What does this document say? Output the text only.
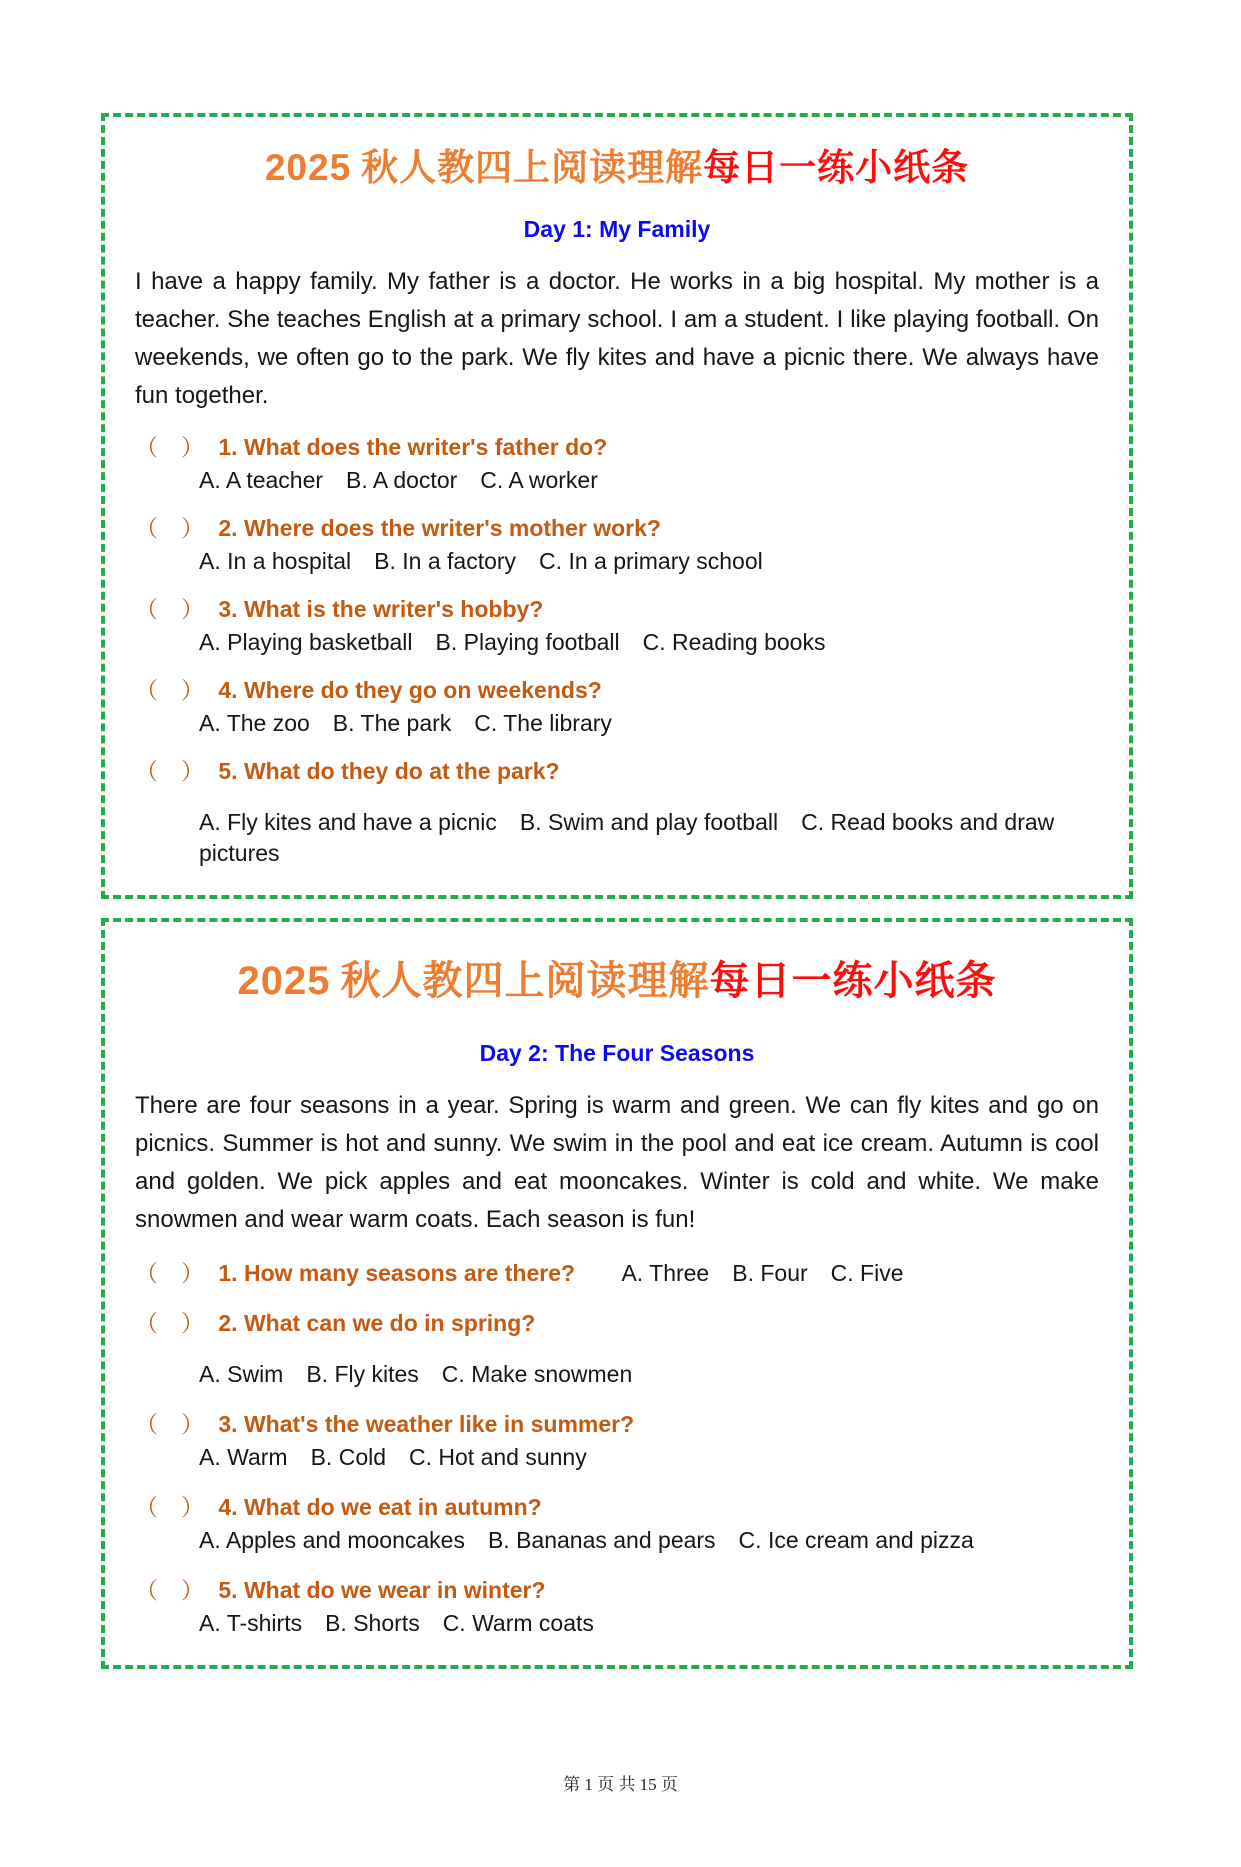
2025 秋人教四上阅读理解每日一练小纸条
Day 1: My Family

I have a happy family. My father is a doctor. He works in a big hospital. My mother is a teacher. She teaches English at a primary school. I am a student. I like playing football. On weekends, we often go to the park. We fly kites and have a picnic there. We always have fun together.

（　） 1. What does the writer's father do?
A. A teacher B. A doctor C. A worker
（　） 2. Where does the writer's mother work?
A. In a hospital B. In a factory C. In a primary school
（　） 3. What is the writer's hobby?
A. Playing basketball B. Playing football C. Reading books
（　） 4. Where do they go on weekends?
A. The zoo B. The park C. The library
（　） 5. What do they do at the park?
A. Fly kites and have a picnic B. Swim and play football C. Read books and draw pictures
2025 秋人教四上阅读理解每日一练小纸条
Day 2: The Four Seasons

There are four seasons in a year. Spring is warm and green. We can fly kites and go on picnics. Summer is hot and sunny. We swim in the pool and eat ice cream. Autumn is cool and golden. We pick apples and eat mooncakes. Winter is cold and white. We make snowmen and wear warm coats. Each season is fun!

（　） 1. How many seasons are there? A. Three B. Four C. Five
（　） 2. What can we do in spring?
A. Swim B. Fly kites C. Make snowmen
（　） 3. What's the weather like in summer?
A. Warm B. Cold C. Hot and sunny
（　） 4. What do we eat in autumn?
A. Apples and mooncakes B. Bananas and pears C. Ice cream and pizza
（　） 5. What do we wear in winter?
A. T-shirts B. Shorts C. Warm coats
第 1 页 共 15 页
